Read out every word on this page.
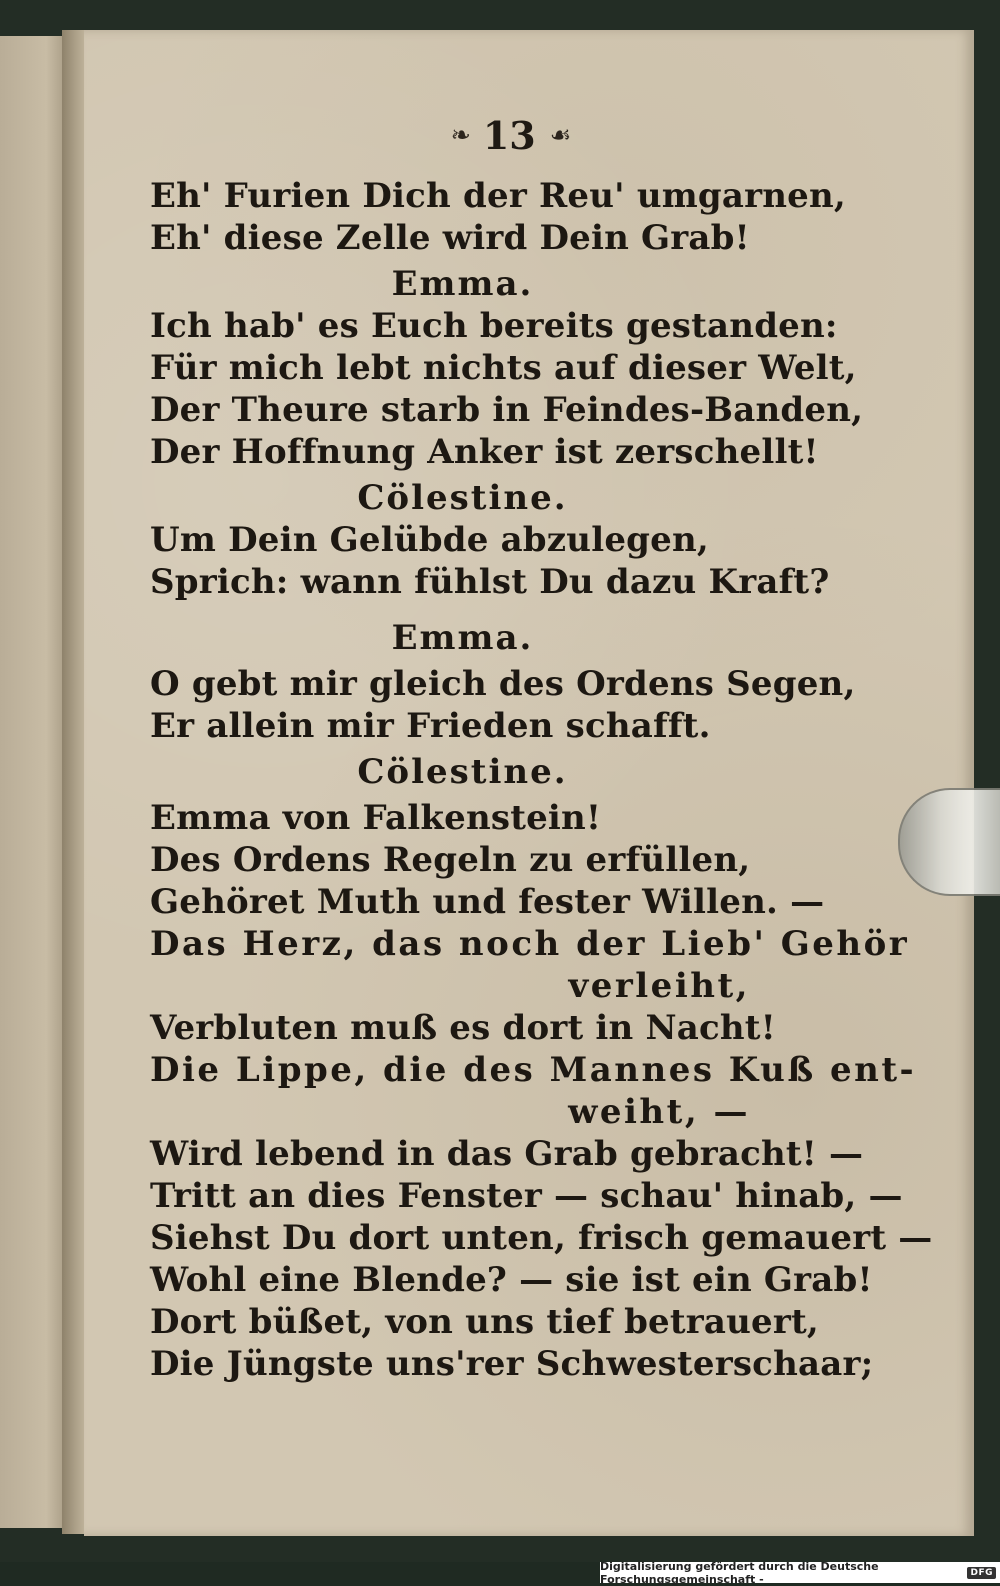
❧ 13 ☙
Eh' Furien Dich der Reu' umgarnen,
Eh' diese Zelle wird Dein Grab!
Emma.
Ich hab' es Euch bereits gestanden:
Für mich lebt nichts auf dieser Welt,
Der Theure starb in Feindes-Banden,
Der Hoffnung Anker ist zerschellt!
Cölestine.
Um Dein Gelübde abzulegen,
Sprich: wann fühlst Du dazu Kraft?
Emma.
O gebt mir gleich des Ordens Segen,
Er allein mir Frieden schafft.
Cölestine.
Emma von Falkenstein!
Des Ordens Regeln zu erfüllen,
Gehöret Muth und fester Willen. —
Das Herz, das noch der Lieb' Gehör
verleiht,
Verbluten muß es dort in Nacht!
Die Lippe, die des Mannes Kuß ent-
weiht, —
Wird lebend in das Grab gebracht! —
Tritt an dies Fenster — schau' hinab, —
Siehst Du dort unten, frisch gemauert —
Wohl eine Blende? — sie ist ein Grab!
Dort büßet, von uns tief betrauert,
Die Jüngste uns'rer Schwesterschaar;
Digitalisierung gefördert durch die Deutsche Forschungsgemeinschaft -	DFG
